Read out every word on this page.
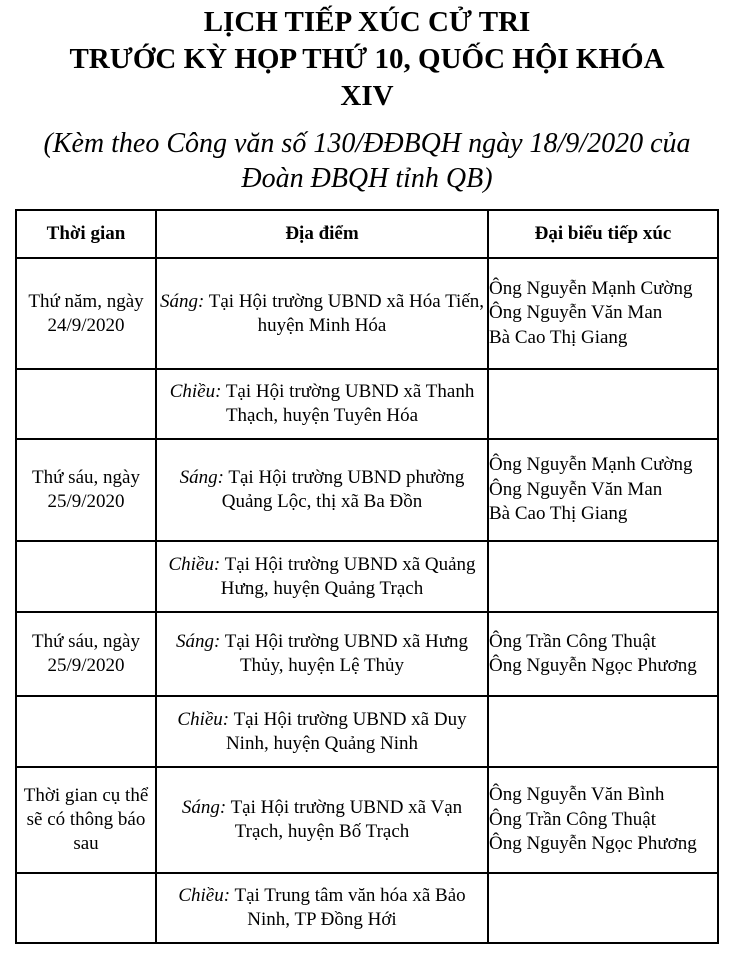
LỊCH TIẾP XÚC CỬ TRI
TRƯỚC KỲ HỌP THỨ 10, QUỐC HỘI KHÓA
XIV
(Kèm theo Công văn số 130/ĐĐBQH ngày 18/9/2020 của
Đoàn ĐBQH tỉnh QB)
Thời gian	Địa điểm	Đại biểu tiếp xúc
Thứ năm, ngày 24/9/2020	Sáng: Tại Hội trường UBND xã Hóa Tiến, huyện Minh Hóa	Ông Nguyễn Mạnh Cường
Ông Nguyễn Văn Man
Bà Cao Thị Giang

	Chiều: Tại Hội trường UBND xã Thanh Thạch, huyện Tuyên Hóa	
Thứ sáu, ngày 25/9/2020	Sáng: Tại Hội trường UBND phường Quảng Lộc, thị xã Ba Đồn	Ông Nguyễn Mạnh Cường
Ông Nguyễn Văn Man
Bà Cao Thị Giang

	Chiều: Tại Hội trường UBND xã Quảng Hưng, huyện Quảng Trạch	
Thứ sáu, ngày 25/9/2020	Sáng: Tại Hội trường UBND xã Hưng Thủy, huyện Lệ Thủy	Ông Trần Công Thuật
Ông Nguyễn Ngọc Phương

	Chiều: Tại Hội trường UBND xã Duy Ninh, huyện Quảng Ninh	
Thời gian cụ thể sẽ có thông báo sau	Sáng: Tại Hội trường UBND xã Vạn Trạch, huyện Bố Trạch	Ông Nguyễn Văn Bình
Ông Trần Công Thuật
Ông Nguyễn Ngọc Phương

	Chiều: Tại Trung tâm văn hóa xã Bảo Ninh, TP Đồng Hới	
